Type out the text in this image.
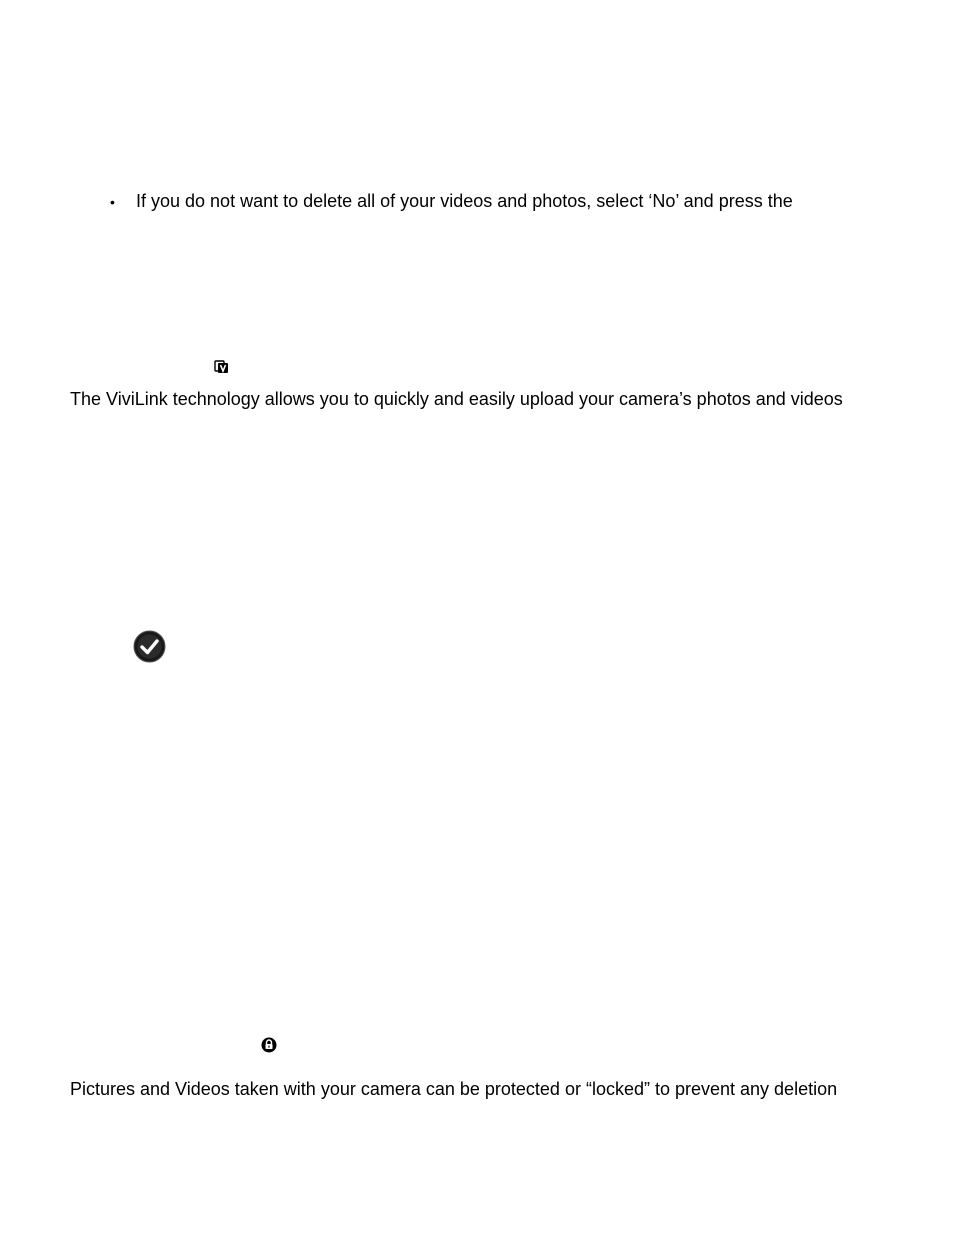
• If you do not want to delete all of your videos and photos, select ‘No’ and press the
The ViviLink technology allows you to quickly and easily upload your camera’s photos and videos
Pictures and Videos taken with your camera can be protected or “locked” to prevent any deletion
